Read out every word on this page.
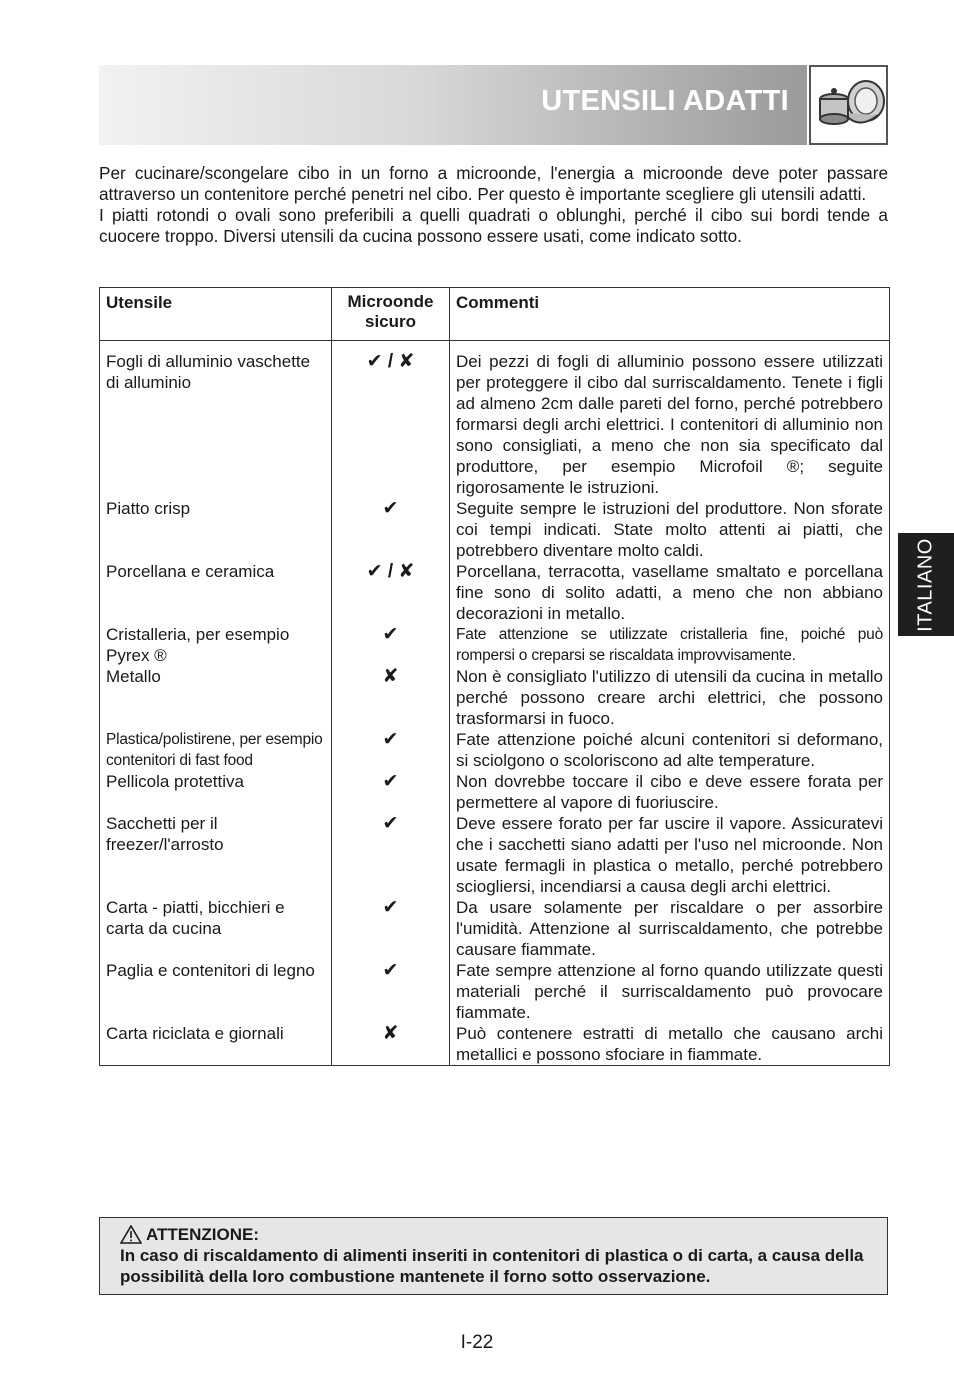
UTENSILI ADATTI

Per cucinare/scongelare cibo in un forno a microonde, l'energia a microonde deve poter passare attraverso un contenitore perché penetri nel cibo. Per questo è importante scegliere gli utensili adatti.

I piatti rotondi o ovali sono preferibili a quelli quadrati o oblunghi, perché il cibo sui bordi tende a cuocere troppo. Diversi utensili da cucina possono essere usati, come indicato sotto.

Utensile	Microonde sicuro	Commenti

Fogli di alluminio vaschette di alluminio	✔ / ✘	Dei pezzi di fogli di alluminio possono essere utilizzati per proteggere il cibo dal surriscaldamento. Tenete i figli ad almeno 2cm dalle pareti del forno, perché potrebbero formarsi degli archi elettrici. I contenitori di alluminio non sono consigliati, a meno che non sia specificato dal produttore, per esempio Microfoil ®; seguite rigorosamente le istruzioni.
Piatto crisp	✔	Seguite sempre le istruzioni del produttore. Non sforate coi tempi indicati. State molto attenti ai piatti, che potrebbero diventare molto caldi.
Porcellana e ceramica	✔ / ✘	Porcellana, terracotta, vasellame smaltato e porcellana fine sono di solito adatti, a meno che non abbiano decorazioni in metallo.
Cristalleria, per esempio Pyrex ®	✔	Fate attenzione se utilizzate cristalleria fine, poiché può rompersi o creparsi se riscaldata improvvisamente.
Metallo	✘	Non è consigliato l'utilizzo di utensili da cucina in metallo perché possono creare archi elettrici, che possono trasformarsi in fuoco.
Plastica/polistirene, per esempio contenitori di fast food	✔	Fate attenzione poiché alcuni contenitori si deformano, si sciolgono o scoloriscono ad alte temperature.
Pellicola protettiva	✔	Non dovrebbe toccare il cibo e deve essere forata per permettere al vapore di fuoriuscire.
Sacchetti per il freezer/l'arrosto	✔	Deve essere forato per far uscire il vapore. Assicuratevi che i sacchetti siano adatti per l'uso nel microonde. Non usate fermagli in plastica o metallo, perché potrebbero sciogliersi, incendiarsi a causa degli archi elettrici.
Carta - piatti, bicchieri e carta da cucina	✔	Da usare solamente per riscaldare o per assorbire l'umidità. Attenzione al surriscaldamento, che potrebbe causare fiammate.
Paglia e contenitori di legno	✔	Fate sempre attenzione al forno quando utilizzate questi materiali perché il surriscaldamento può provocare fiammate.
Carta riciclata e giornali	✘	Può contenere estratti di metallo che causano archi metallici e possono sfociare in fiammate.
ATTENZIONE:
In caso di riscaldamento di alimenti inseriti in contenitori di plastica o di carta, a causa della possibilità della loro combustione mantenete il forno sotto osservazione.
ITALIANO
I-22
